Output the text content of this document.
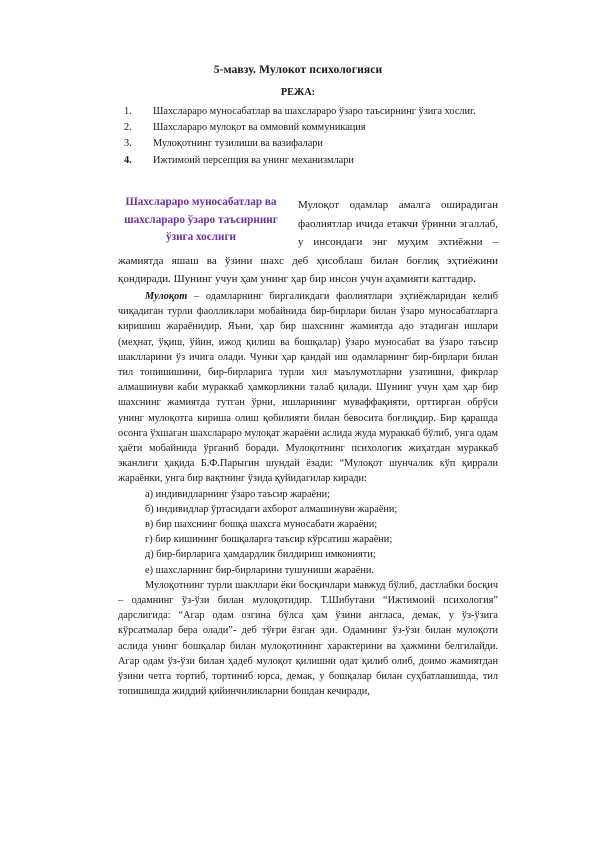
5-мавзу. Мулокот психологияси
РЕЖА:
1.	Шахслараро муносабатлар ва шахслараро ўзаро таъсирнинг ўзига хослиг.
2.	Шахслараро мулоқот ва оммовий коммуникация
3.	Мулоқотнинг тузилиши ва вазифалари
4.	Ижтимоий персепция ва унинг механизмлари
Шахслараро муносабатлар ва шахслараро ўзаро таъсирнинг ўзига хослиги

Мулоқот одамлар амалга оширадиган фаолиятлар ичида етакчи ўринни эгаллаб, у инсондаги энг муҳим эхтиёжни – жамиятда яшаш ва ўзини шахс деб ҳисоблаш билан боғлиқ эҳтиёжини қондиради. Шунинг учун ҳам унинг ҳар бир инсон учун аҳамияти каттадир.

Мулоқот – одамларнинг биргаликдаги фаолиятлари эҳтиёжларидан келиб чиқадиган турли фаолликлари мобайнида бир-бирлари билан ўзаро муносабатларга киришиш жараёнидир. Яъни, ҳар бир шахснинг жамиятда адо этадиган ишлари (меҳнат, ўқиш, ўйин, ижод қилиш ва бошқалар) ўзаро муносабат ва ўзаро таъсир шаклларини ўз ичига олади. Чунки ҳар қандай иш одамларнинг бир-бирлари билан тил топишишини, бир-бирларига турли хил маълумотларни узатишни, фикрлар алмашинуви каби мураккаб ҳамкорликни талаб қилади. Шунинг учун ҳам ҳар бир шахснинг жамиятда тутган ўрни, ишларининг муваффақияти, орттирган обрўси унинг мулоқотга кириша олиш қобилияти билан бевосита боғлиқдир. Бир қарашда осонга ўхшаган шахслараро мулоқат жараёни аслида жуда мураккаб бўлиб, унга одам ҳаёти мобайнида ўрганиб боради. Мулоқотнинг психологик жиҳатдан мураккаб эканлиги ҳақида Б.Ф.Парыгин шундай ёзади: “Мулоқот шунчалик кўп қиррали жараёнки, унга бир вақтнинг ўзида қуйидагилар киради:

а) индивидларнинг ўзаро таъсир жараёни;

б) индивидлар ўртасидаги ахборот алмашинуви жараёни;

в) бир шахснинг бошқа шахсга муносабати жараёни;

г) бир кишининг бошқаларга таъсир кўрсатиш жараёни;

д) бир-бирларига ҳамдардлик билдириш имконияти;

е) шахсларнинг бир-бирларини тушуниши жараёни.

Мулоқотнинг турли шакллари ёки босқичлари мавжуд бўлиб, дастлабки босқич – одамнинг ўз-ўзи билан мулоқотидир. Т.Шибутани “Ижтимоий психология” дарслигида: “Агар одам озгина бўлса ҳам ўзини англаса, демак, у ўз-ўзига кўрсатмалар бера олади”- деб тўғри ёзган эди. Одамнинг ўз-ўзи билан мулоқоти аслида унинг бошқалар билан мулоқотининг характерини ва ҳажмини белгилайди. Агар одам ўз-ўзи билан ҳадеб мулоқот қилишни одат қилиб олиб, доимо жамиятдан ўзини четга тортиб, тортиниб юрса, демак, у бошқалар билан суҳбатлашишда, тил топишишда жиддий қийинчиликларни бошдан кечиради,
